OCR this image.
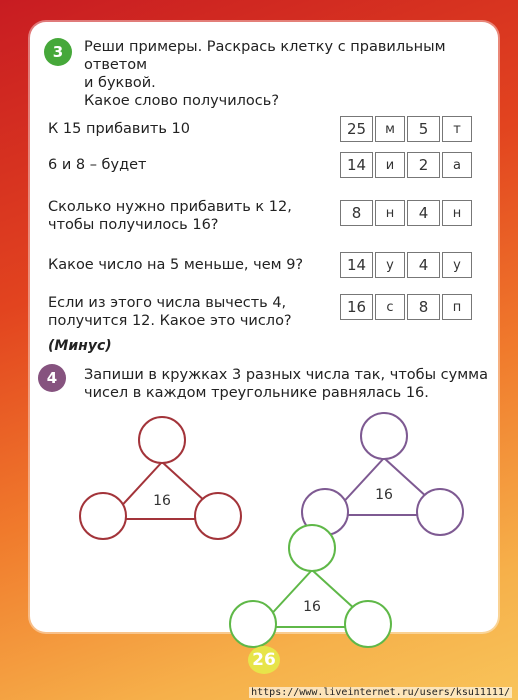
3	Реши примеры. Раскрась клетку с правильным ответом
и буквой.
Какое слово получилось?
К 15 прибавить 10	25	м	5	т
6 и 8 – будет	14	и	2	а
Сколько нужно прибавить к 12,
чтобы получилось 16?
8	н	4	н
Какое число на 5 меньше, чем 9?	14	у	4	у
Если из этого числа вычесть 4,
получится 12. Какое это число?
16	с	8	п
(Минус)
4	Запиши в кружках 3 разных числа так, чтобы сумма
чисел в каждом треугольнике равнялась 16.
16	16
16
26
https://www.liveinternet.ru/users/ksu11111/
